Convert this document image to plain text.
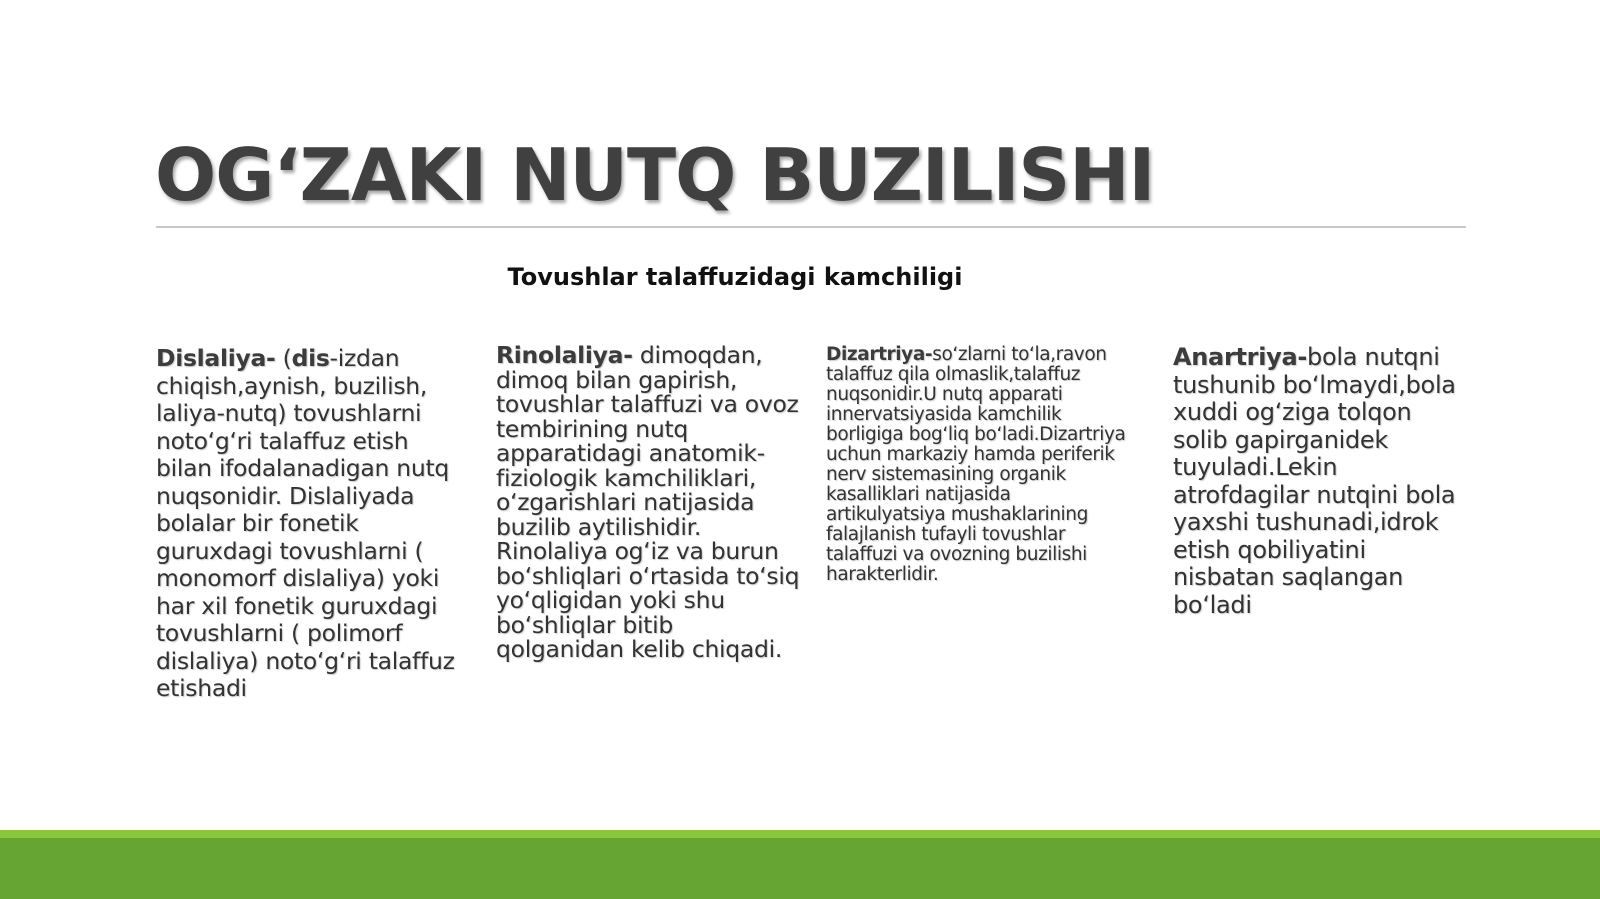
OG‘ZAKI NUTQ BUZILISHI
Tovushlar talaffuzidagi kamchiligi
Dislaliya- (dis-izdan chiqish,aynish, buzilish, laliya-nutq) tovushlarni noto‘g‘ri talaffuz etish bilan ifodalanadigan nutq nuqsonidir. Dislaliyada bolalar bir fonetik guruxdagi tovushlarni ( monomorf dislaliya) yoki har xil fonetik guruxdagi tovushlarni ( polimorf dislaliya) noto‘g‘ri talaffuz etishadi
Rinolaliya- dimoqdan, dimoq bilan gapirish, tovushlar talaffuzi va ovoz tembirining nutq apparatidagi anatomik-fiziologik kamchiliklari, o‘zgarishlari natijasida buzilib aytilishidir. Rinolaliya og‘iz va burun bo‘shliqlari o‘rtasida to‘siq yo‘qligidan yoki shu bo‘shliqlar bitib qolganidan kelib chiqadi.
Dizartriya-so‘zlarni to‘la,ravon talaffuz qila olmaslik,talaffuz nuqsonidir.U nutq apparati innervatsiyasida kamchilik borligiga bog‘liq bo‘ladi.Dizartriya uchun markaziy hamda periferik nerv sistemasining organik kasalliklari natijasida artikulyatsiya mushaklarining falajlanish tufayli tovushlar talaffuzi va ovozning buzilishi harakterlidir.
Anartriya-bola nutqni tushunib bo‘lmaydi,bola xuddi og‘ziga tolqon solib gapirganidek tuyuladi.Lekin atrofdagilar nutqini bola yaxshi tushunadi,idrok etish qobiliyatini nisbatan saqlangan bo‘ladi
